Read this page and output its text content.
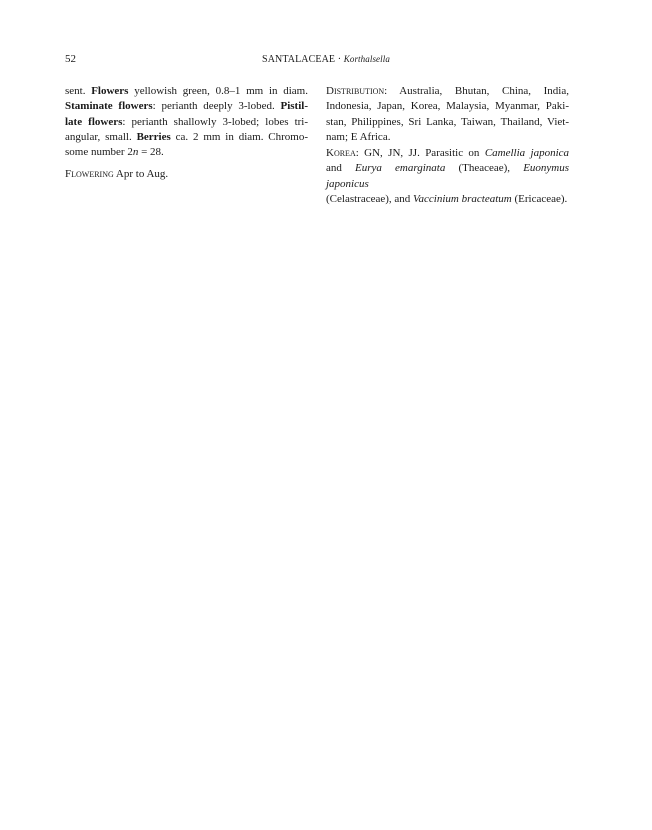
52	SANTALACEAE · Korthalsella
sent. Flowers yellowish green, 0.8–1 mm in diam.
Staminate flowers: perianth deeply 3-lobed. Pistil-
late flowers: perianth shallowly 3-lobed; lobes tri-
angular, small. Berries ca. 2 mm in diam. Chromo-
some number 2n = 28.

Flowering Apr to Aug.

Distribution: Australia, Bhutan, China, India,
Indonesia, Japan, Korea, Malaysia, Myanmar, Paki-
stan, Philippines, Sri Lanka, Taiwan, Thailand, Viet-
nam; E Africa.
Korea: GN, JN, JJ. Parasitic on Camellia japonica
and Eurya emarginata (Theaceae), Euonymus japonicus
(Celastraceae), and Vaccinium bracteatum (Ericaceae).
